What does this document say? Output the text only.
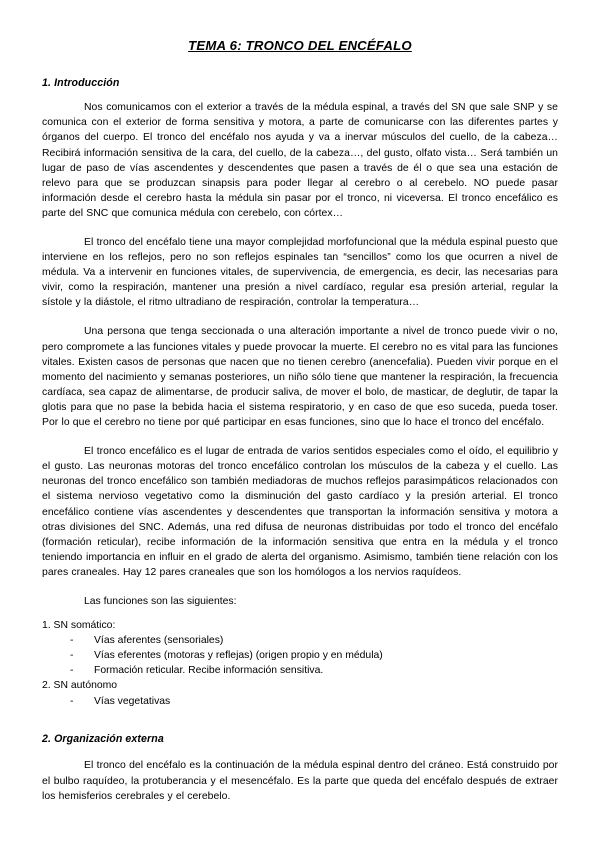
TEMA 6: TRONCO DEL ENCÉFALO
1. Introducción

Nos comunicamos con el exterior a través de la médula espinal, a través del SN que sale SNP y se comunica con el exterior de forma sensitiva y motora, a parte de comunicarse con las diferentes partes y órganos del cuerpo. El tronco del encéfalo nos ayuda y va a inervar músculos del cuello, de la cabeza… Recibirá información sensitiva de la cara, del cuello, de la cabeza…, del gusto, olfato vista… Será también un lugar de paso de vías ascendentes y descendentes que pasen a través de él o que sea una estación de relevo para que se produzcan sinapsis para poder llegar al cerebro o al cerebelo. NO puede pasar información desde el cerebro hasta la médula sin pasar por el tronco, ni viceversa. El tronco encefálico es parte del SNC que comunica médula con cerebelo, con córtex…

El tronco del encéfalo tiene una mayor complejidad morfofuncional que la médula espinal puesto que interviene en los reflejos, pero no son reflejos espinales tan “sencillos” como los que ocurren a nivel de médula. Va a intervenir en funciones vitales, de supervivencia, de emergencia, es decir, las necesarias para vivir, como la respiración, mantener una presión a nivel cardíaco, regular esa presión arterial, regular la sístole y la diástole, el ritmo ultradiano de respiración, controlar la temperatura…

Una persona que tenga seccionada o una alteración importante a nivel de tronco puede vivir o no, pero compromete a las funciones vitales y puede provocar la muerte. El cerebro no es vital para las funciones vitales. Existen casos de personas que nacen que no tienen cerebro (anencefalia). Pueden vivir porque en el momento del nacimiento y semanas posteriores, un niño sólo tiene que mantener la respiración, la frecuencia cardíaca, sea capaz de alimentarse, de producir saliva, de mover el bolo, de masticar, de deglutir, de tapar la glotis para que no pase la bebida hacia el sistema respiratorio, y en caso de que eso suceda, pueda toser. Por lo que el cerebro no tiene por qué participar en esas funciones, sino que lo hace el tronco del encéfalo.

El tronco encefálico es el lugar de entrada de varios sentidos especiales como el oído, el equilibrio y el gusto. Las neuronas motoras del tronco encefálico controlan los músculos de la cabeza y el cuello. Las neuronas del tronco encefálico son también mediadoras de muchos reflejos parasimpáticos relacionados con el sistema nervioso vegetativo como la disminución del gasto cardíaco y la presión arterial. El tronco encefálico contiene vías ascendentes y descendentes que transportan la información sensitiva y motora a otras divisiones del SNC. Además, una red difusa de neuronas distribuidas por todo el tronco del encéfalo (formación reticular), recibe información de la información sensitiva que entra en la médula y el tronco teniendo importancia en influir en el grado de alerta del organismo. Asimismo, también tiene relación con los pares craneales. Hay 12 pares craneales que son los homólogos a los nervios raquídeos.

Las funciones son las siguientes:
1. SN somático:
- Vías aferentes (sensoriales)
- Vías eferentes (motoras y reflejas) (origen propio y en médula)
- Formación reticular. Recibe información sensitiva.
2. SN autónomo
- Vías vegetativas
2. Organización externa

El tronco del encéfalo es la continuación de la médula espinal dentro del cráneo. Está construido por el bulbo raquídeo, la protuberancia y el mesencéfalo. Es la parte que queda del encéfalo después de extraer los hemisferios cerebrales y el cerebelo.
